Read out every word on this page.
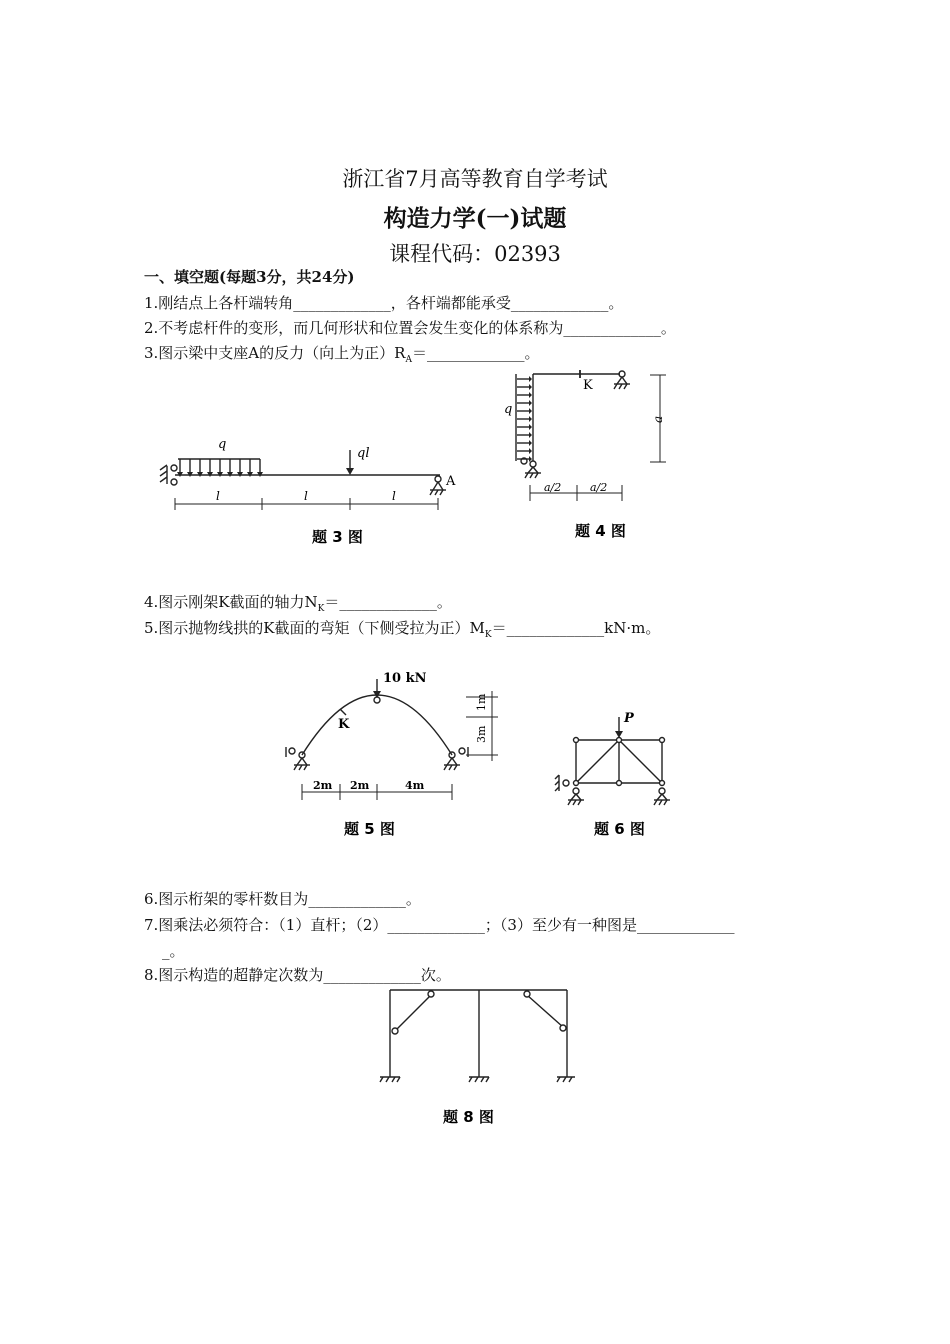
浙江省7月高等教育自学考试
构造力学(一)试题
课程代码：02393
一、填空题(每题3分，共24分)
1.刚结点上各杆端转角_____________，各杆端都能承受_____________。
2.不考虑杆件的变形，而几何形状和位置会发生变化的体系称为_____________。
3.图示梁中支座A的反力（向上为正）$R_A=\_\_\_\_\_\_\_\_\_\_\_\_\_$。
q
ql
A
l	l	l
题 3 图
q
K
a
a/2	a/2
题 4 图
4.图示刚架K截面的轴力$N_K=\_\_\_\_\_\_\_\_\_\_\_\_\_$。
5.图示抛物线拱的K截面的弯矩（下侧受拉为正）$M_K=\_\_\_\_\_\_\_\_\_\_\_\_\_kN\cdot m$。
10 kN
K
1m
3m
2m 2m	4m
题 5 图
P
题 6 图
6.图示桁架的零杆数目为_____________。
7.图乘法必须符合：（1）直杆；（2）_____________；（3）至少有一种图是_____________
_。
8.图示构造的超静定次数为_____________次。
题 8 图
